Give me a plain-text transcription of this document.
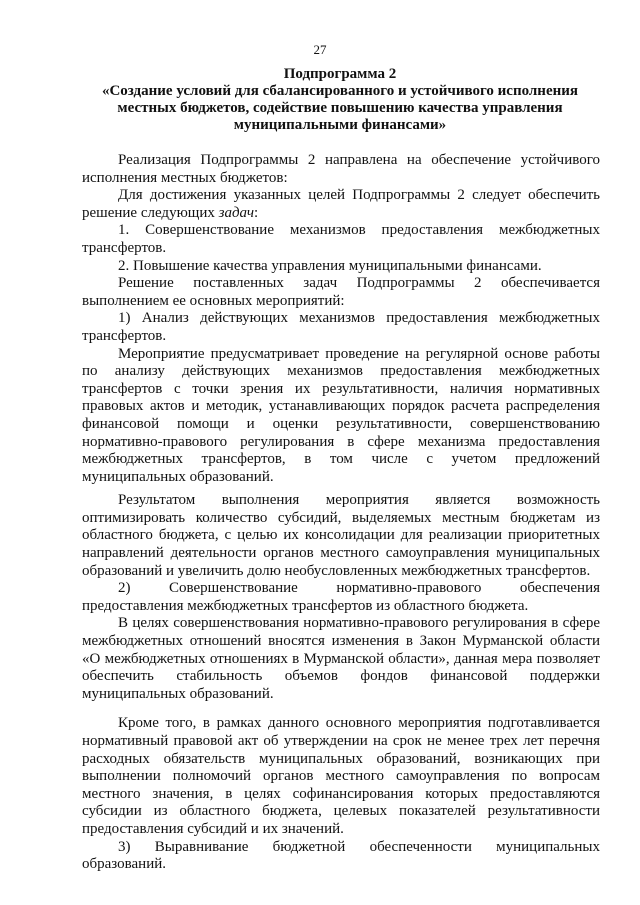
27
Подпрограмма 2
«Создание условий для сбалансированного и устойчивого исполнения
местных бюджетов, содействие повышению качества управления
муниципальными финансами»

Реализация Подпрограммы 2 направлена на обеспечение устойчивого исполнения местных бюджетов:

Для достижения указанных целей Подпрограммы 2 следует обеспечить решение следующих задач:

1. Совершенствование механизмов предоставления межбюджетных трансфертов.

2. Повышение качества управления муниципальными финансами.

Решение поставленных задач Подпрограммы 2 обеспечивается выполнением ее основных мероприятий:

1) Анализ действующих механизмов предоставления межбюджетных трансфертов.

Мероприятие предусматривает проведение на регулярной основе работы по анализу действующих механизмов предоставления межбюджетных трансфертов с точки зрения их результативности, наличия нормативных правовых актов и методик, устанавливающих порядок расчета распределения финансовой помощи и оценки результативности, совершенствованию нормативно-правового регулирования в сфере механизма предоставления межбюджетных трансфертов, в том числе с учетом предложений муниципальных образований.

Результатом выполнения мероприятия является возможность оптимизировать количество субсидий, выделяемых местным бюджетам из областного бюджета, с целью их консолидации для реализации приоритетных направлений деятельности органов местного самоуправления муниципальных образований и увеличить долю необусловленных межбюджетных трансфертов.

2) Совершенствование нормативно-правового обеспечения предоставления межбюджетных трансфертов из областного бюджета.

В целях совершенствования нормативно-правового регулирования в сфере межбюджетных отношений вносятся изменения в Закон Мурманской области «О межбюджетных отношениях в Мурманской области», данная мера позволяет обеспечить стабильность объемов фондов финансовой поддержки муниципальных образований.

Кроме того, в рамках данного основного мероприятия подготавливается нормативный правовой акт об утверждении на срок не менее трех лет перечня расходных обязательств муниципальных образований, возникающих при выполнении полномочий органов местного самоуправления по вопросам местного значения, в целях софинансирования которых предоставляются субсидии из областного бюджета, целевых показателей результативности предоставления субсидий и их значений.

3) Выравнивание бюджетной обеспеченности муниципальных образований.
